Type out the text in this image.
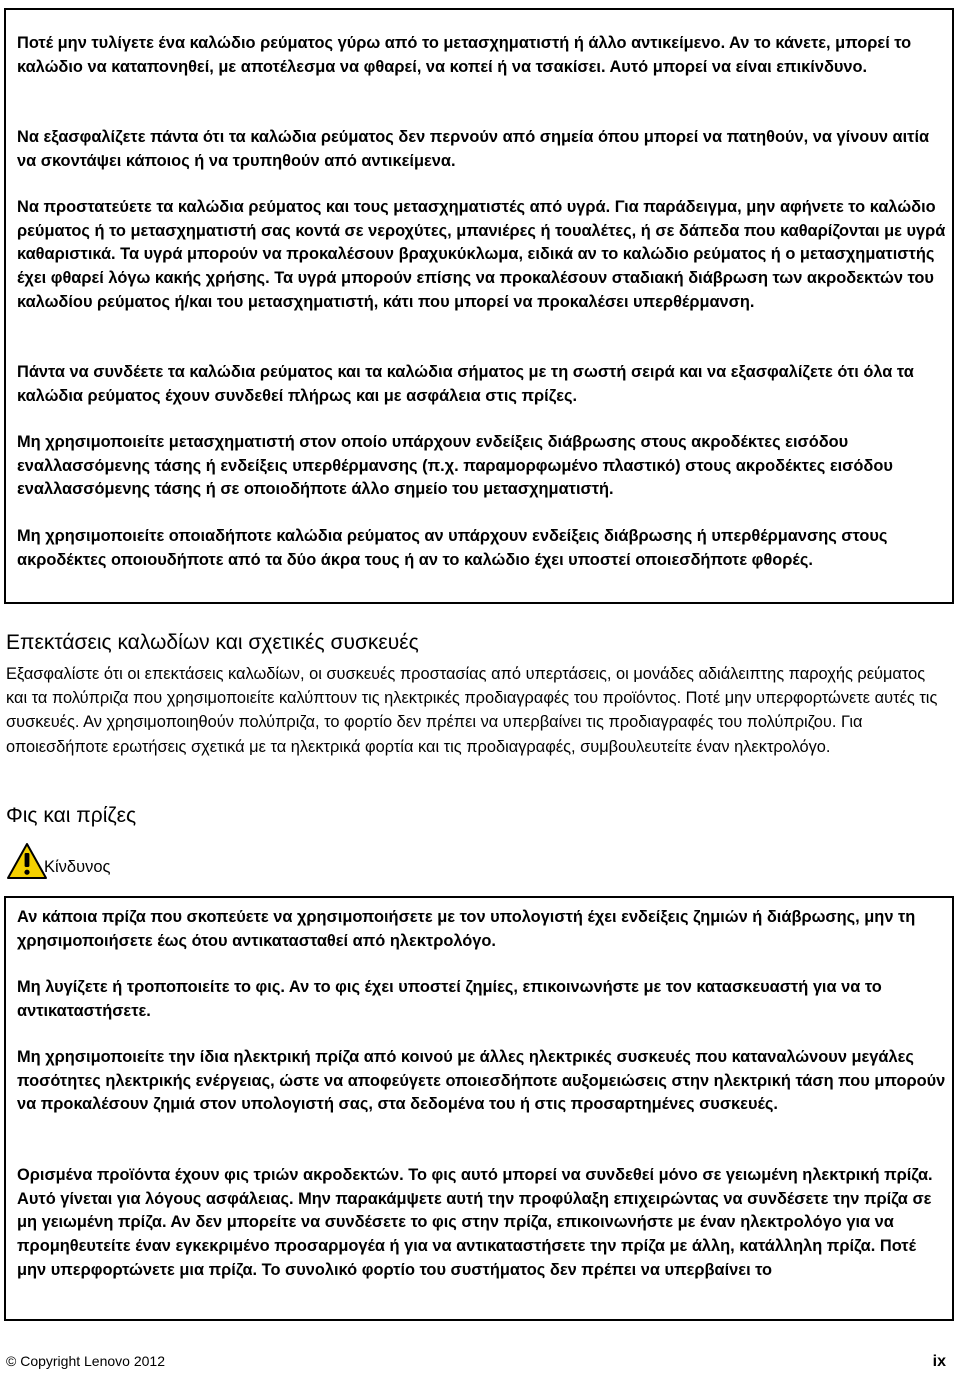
Ποτέ μην τυλίγετε ένα καλώδιο ρεύματος γύρω από το μετασχηματιστή ή άλλο αντικείμενο. Αν το κάνετε, μπορεί το καλώδιο να καταπονηθεί, με αποτέλεσμα να φθαρεί, να κοπεί ή να τσακίσει. Αυτό μπορεί να είναι επικίνδυνο.

Να εξασφαλίζετε πάντα ότι τα καλώδια ρεύματος δεν περνούν από σημεία όπου μπορεί να πατηθούν, να γίνουν αιτία να σκοντάψει κάποιος ή να τρυπηθούν από αντικείμενα.

Να προστατεύετε τα καλώδια ρεύματος και τους μετασχηματιστές από υγρά. Για παράδειγμα, μην αφήνετε το καλώδιο ρεύματος ή το μετασχηματιστή σας κοντά σε νεροχύτες, μπανιέρες ή τουαλέτες, ή σε δάπεδα που καθαρίζονται με υγρά καθαριστικά. Τα υγρά μπορούν να προκαλέσουν βραχυκύκλωμα, ειδικά αν το καλώδιο ρεύματος ή ο μετασχηματιστής έχει φθαρεί λόγω κακής χρήσης. Τα υγρά μπορούν επίσης να προκαλέσουν σταδιακή διάβρωση των ακροδεκτών του καλωδίου ρεύματος ή/και του μετασχηματιστή, κάτι που μπορεί να προκαλέσει υπερθέρμανση.

Πάντα να συνδέετε τα καλώδια ρεύματος και τα καλώδια σήματος με τη σωστή σειρά και να εξασφαλίζετε ότι όλα τα καλώδια ρεύματος έχουν συνδεθεί πλήρως και με ασφάλεια στις πρίζες.

Μη χρησιμοποιείτε μετασχηματιστή στον οποίο υπάρχουν ενδείξεις διάβρωσης στους ακροδέκτες εισόδου εναλλασσόμενης τάσης ή ενδείξεις υπερθέρμανσης (π.χ. παραμορφωμένο πλαστικό) στους ακροδέκτες εισόδου εναλλασσόμενης τάσης ή σε οποιοδήποτε άλλο σημείο του μετασχηματιστή.

Μη χρησιμοποιείτε οποιαδήποτε καλώδια ρεύματος αν υπάρχουν ενδείξεις διάβρωσης ή υπερθέρμανσης στους ακροδέκτες οποιουδήποτε από τα δύο άκρα τους ή αν το καλώδιο έχει υποστεί οποιεσδήποτε φθορές.

Επεκτάσεις καλωδίων και σχετικές συσκευές

Εξασφαλίστε ότι οι επεκτάσεις καλωδίων, οι συσκευές προστασίας από υπερτάσεις, οι μονάδες αδιάλειπτης παροχής ρεύματος και τα πολύπριζα που χρησιμοποιείτε καλύπτουν τις ηλεκτρικές προδιαγραφές του προϊόντος. Ποτέ μην υπερφορτώνετε αυτές τις συσκευές. Αν χρησιμοποιηθούν πολύπριζα, το φορτίο δεν πρέπει να υπερβαίνει τις προδιαγραφές του πολύπριζου. Για οποιεσδήποτε ερωτήσεις σχετικά με τα ηλεκτρικά φορτία και τις προδιαγραφές, συμβουλευτείτε έναν ηλεκτρολόγο.

Φις και πρίζες
Κίνδυνος

Αν κάποια πρίζα που σκοπεύετε να χρησιμοποιήσετε με τον υπολογιστή έχει ενδείξεις ζημιών ή διάβρωσης, μην τη χρησιμοποιήσετε έως ότου αντικατασταθεί από ηλεκτρολόγο.

Μη λυγίζετε ή τροποποιείτε το φις. Αν το φις έχει υποστεί ζημίες, επικοινωνήστε με τον κατασκευαστή για να το αντικαταστήσετε.

Μη χρησιμοποιείτε την ίδια ηλεκτρική πρίζα από κοινού με άλλες ηλεκτρικές συσκευές που καταναλώνουν μεγάλες ποσότητες ηλεκτρικής ενέργειας, ώστε να αποφεύγετε οποιεσδήποτε αυξομειώσεις στην ηλεκτρική τάση που μπορούν να προκαλέσουν ζημιά στον υπολογιστή σας, στα δεδομένα του ή στις προσαρτημένες συσκευές.

Ορισμένα προϊόντα έχουν φις τριών ακροδεκτών. Το φις αυτό μπορεί να συνδεθεί μόνο σε γειωμένη ηλεκτρική πρίζα. Αυτό γίνεται για λόγους ασφάλειας. Μην παρακάμψετε αυτή την προφύλαξη επιχειρώντας να συνδέσετε την πρίζα σε μη γειωμένη πρίζα. Αν δεν μπορείτε να συνδέσετε το φις στην πρίζα, επικοινωνήστε με έναν ηλεκτρολόγο για να προμηθευτείτε έναν εγκεκριμένο προσαρμογέα ή για να αντικαταστήσετε την πρίζα με άλλη, κατάλληλη πρίζα. Ποτέ μην υπερφορτώνετε μια πρίζα. Το συνολικό φορτίο του συστήματος δεν πρέπει να υπερβαίνει το

© Copyright Lenovo 2012	ix
